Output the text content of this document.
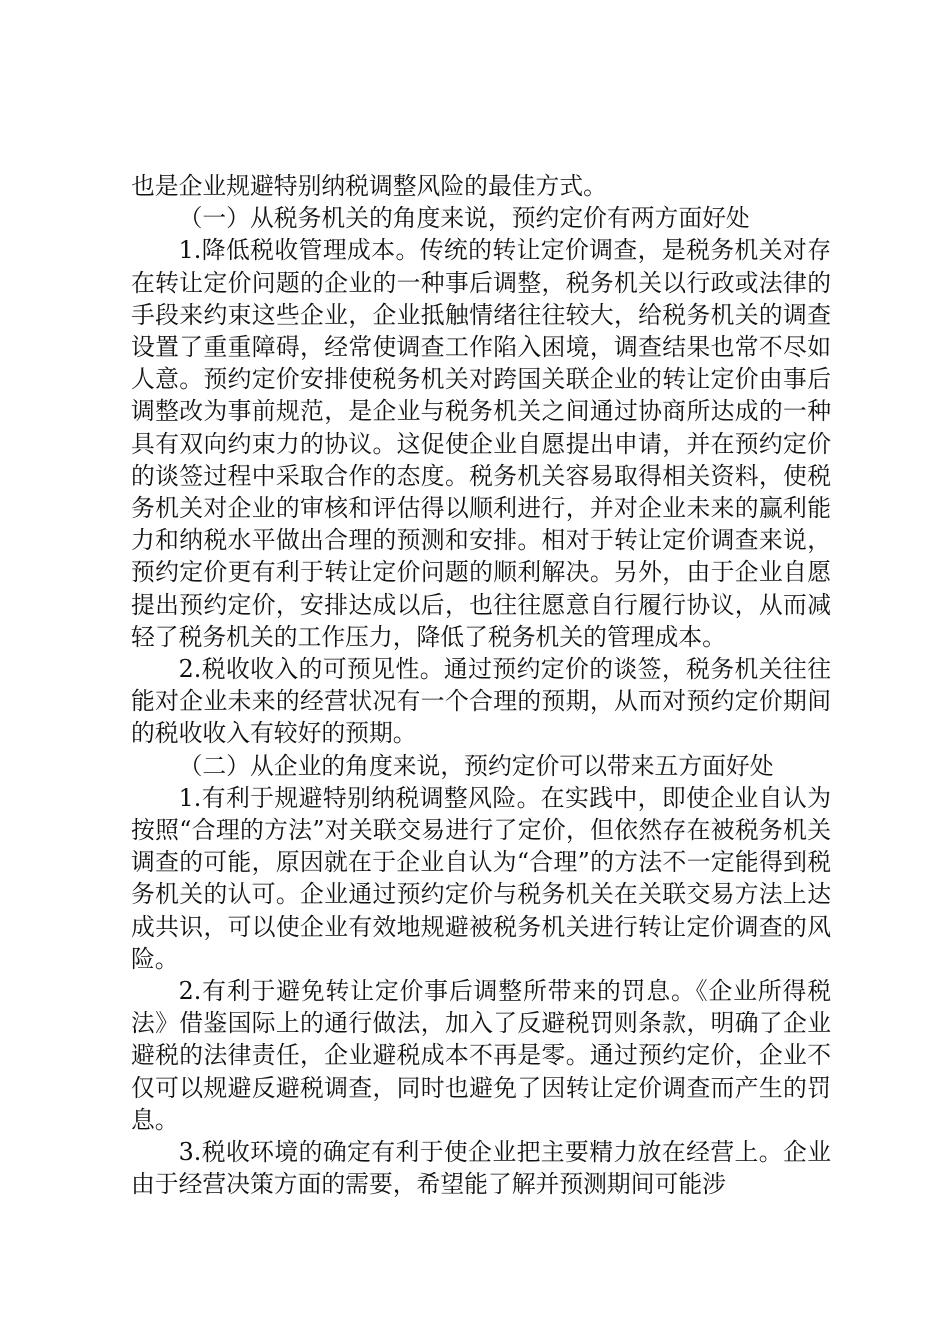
也是企业规避特别纳税调整风险的最佳方式。

（一）从税务机关的角度来说，预约定价有两方面好处

1.降低税收管理成本。传统的转让定价调查，是税务机关对存在转让定价问题的企业的一种事后调整，税务机关以行政或法律的手段来约束这些企业，企业抵触情绪往往较大，给税务机关的调查设置了重重障碍，经常使调查工作陷入困境，调查结果也常不尽如人意。预约定价安排使税务机关对跨国关联企业的转让定价由事后调整改为事前规范，是企业与税务机关之间通过协商所达成的一种具有双向约束力的协议。这促使企业自愿提出申请，并在预约定价的谈签过程中采取合作的态度。税务机关容易取得相关资料，使税务机关对企业的审核和评估得以顺利进行，并对企业未来的赢利能力和纳税水平做出合理的预测和安排。相对于转让定价调查来说，预约定价更有利于转让定价问题的顺利解决。另外，由于企业自愿提出预约定价，安排达成以后，也往往愿意自行履行协议，从而减轻了税务机关的工作压力，降低了税务机关的管理成本。

2.税收收入的可预见性。通过预约定价的谈签，税务机关往往能对企业未来的经营状况有一个合理的预期，从而对预约定价期间的税收收入有较好的预期。

（二）从企业的角度来说，预约定价可以带来五方面好处

1.有利于规避特别纳税调整风险。在实践中，即使企业自认为按照“合理的方法”对关联交易进行了定价，但依然存在被税务机关调查的可能，原因就在于企业自认为“合理”的方法不一定能得到税务机关的认可。企业通过预约定价与税务机关在关联交易方法上达成共识，可以使企业有效地规避被税务机关进行转让定价调查的风险。

2.有利于避免转让定价事后调整所带来的罚息。《企业所得税法》借鉴国际上的通行做法，加入了反避税罚则条款，明确了企业避税的法律责任，企业避税成本不再是零。通过预约定价，企业不仅可以规避反避税调查，同时也避免了因转让定价调查而产生的罚息。

3.税收环境的确定有利于使企业把主要精力放在经营上。企业由于经营决策方面的需要，希望能了解并预测期间可能涉
